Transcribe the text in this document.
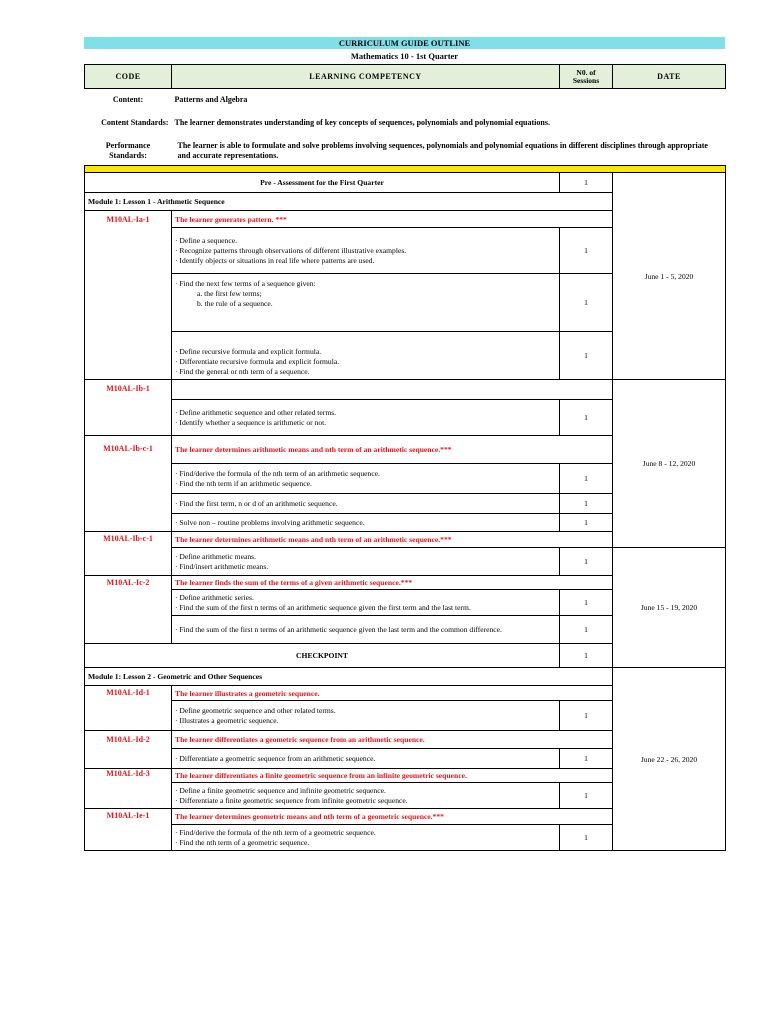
CURRICULUM GUIDE OUTLINE
Mathematics 10 - 1st Quarter
CODE	LEARNING COMPETENCY	N0. of Sessions	DATE
Content:	Patterns and Algebra		
Content Standards:	The learner demonstrates understanding of key concepts of sequences, polynomials and polynomial equations.		
Performance Standards:	The learner is able to formulate and solve problems involving sequences, polynomials and polynomial equations in different disciplines through appropriate and accurate representations.		

Pre - Assessment for the First Quarter		1	June 1 - 5, 2020
Module 1: Lesson 1 - Arithmetic Sequence			
M10AL-Ia-1	The learner generates pattern. ***		

	· Define a sequence.
· Recognize patterns through observations of different illustrative examples.
· Identify objects or situations in real life where patterns are used.	1	

	· Find the next few terms of a sequence given:
a. the first few terms;
b. the rule of a sequence.	1	

	· Define recursive formula and explicit formula.
· Differentiate recursive formula and explicit formula.
· Find the general or nth term of a sequence.	1	
M10AL-Ib-1			June 8 - 12, 2020

	· Define arithmetic sequence and other related terms.
· Identify whether a sequence is arithmetic or not.	1	
M10AL-Ib-c-1	The learner determines arithmetic means and nth term of an arithmetic sequence.***		

	· Find/derive the formula of the nth term of an arithmetic sequence.
· Find the nth term if an arithmetic sequence.	1	
	· Find the first term, n or d of an arithmetic sequence.	1	
	· Solve non – routine problems involving arithmetic sequence.	1	
M10AL-Ib-c-1	The learner determines arithmetic means and nth term of an arithmetic sequence.***		

	· Define arithmetic means.
· Find/insert arithmetic means.	1	June 15 - 19, 2020
M10AL-Ic-2	The learner finds the sum of the terms of a given arithmetic sequence.***		

	· Define arithmetic series.
· Find the sum of the first n terms of an arithmetic sequence given the first term and the last term.	1	
	· Find the sum of the first n terms of an arithmetic sequence given the last term and the common difference.	1	
CHECKPOINT		1	
Module 1: Lesson 2 - Geometric and Other Sequences			June 22 - 26, 2020
M10AL-Id-1	The learner illustrates a geometric sequence.		

	· Define geometric sequence and other related terms.
· Illustrates a geometric sequence.	1	
M10AL-Id-2	The learner differentiates a geometric sequence from an arithmetic sequence.		
	· Differentiate a geometric sequence from an arithmetic sequence.	1	
M10AL-Id-3	The learner differentiates a finite geometric sequence from an infinite geometric sequence.		

	· Define a finite geometric sequence and infinite geometric sequence.
· Differentiate a finite geometric sequence from infinite geometric sequence.	1	
M10AL-Ie-1	The learner determines geometric means and nth term of a geometric sequence.***		

	· Find/derive the formula of the nth term of a geometric sequence.
· Find the nth term of a geometric sequence.	1	
